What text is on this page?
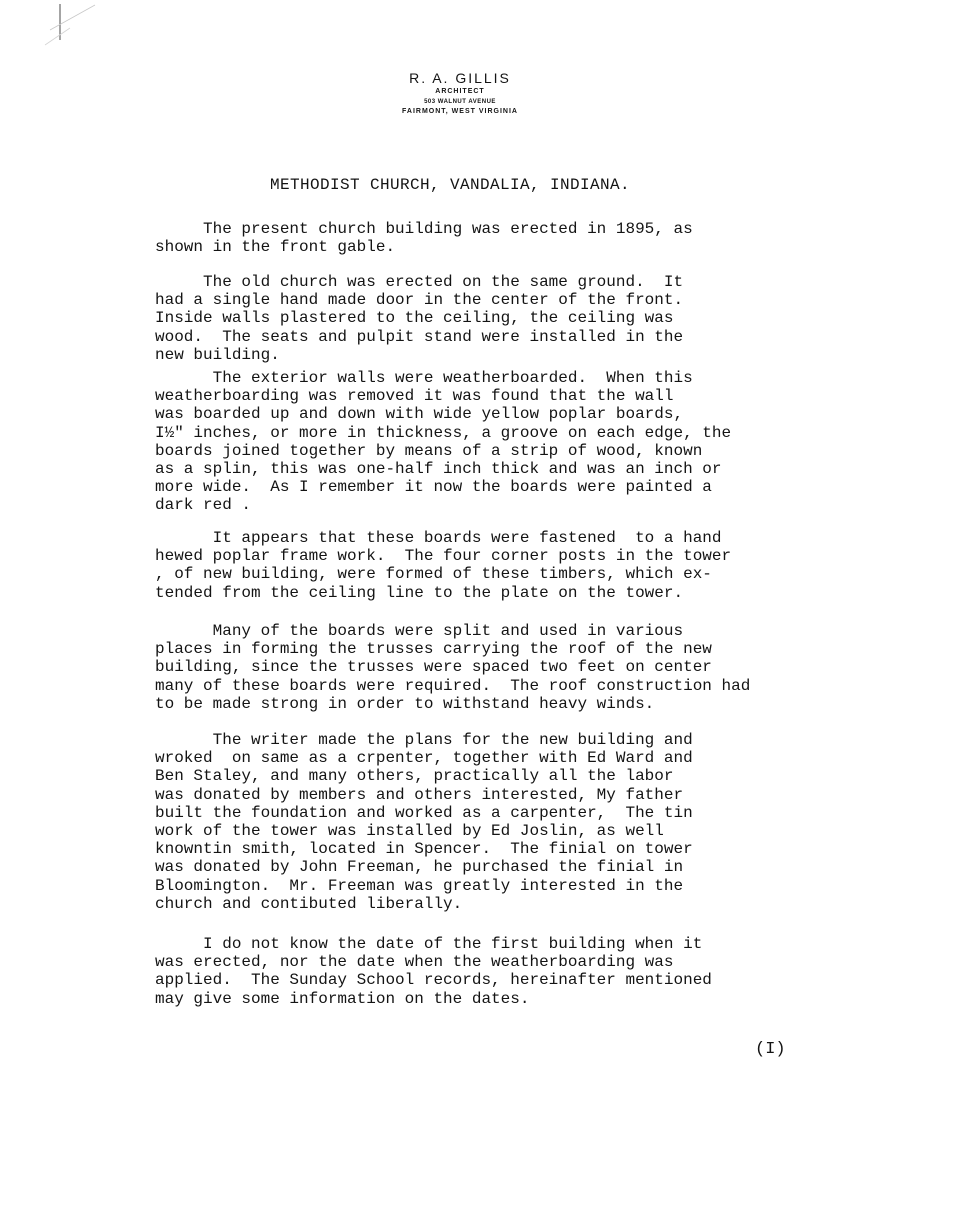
R. A. GILLIS
ARCHITECT
503 WALNUT AVENUE
FAIRMONT, WEST VIRGINIA
METHODIST CHURCH, VANDALIA, INDIANA.
The present church building was erected in 1895, as
shown in the front gable.
The old church was erected on the same ground.  It
had a single hand made door in the center of the front.
Inside walls plastered to the ceiling, the ceiling was
wood.  The seats and pulpit stand were installed in the
new building.
The exterior walls were weatherboarded.  When this
weatherboarding was removed it was found that the wall
was boarded up and down with wide yellow poplar boards,
I½" inches, or more in thickness, a groove on each edge, the
boards joined together by means of a strip of wood, known
as a splin, this was one-half inch thick and was an inch or
more wide.  As I remember it now the boards were painted a
dark red .
It appears that these boards were fastened  to a hand
hewed poplar frame work.  The four corner posts in the tower
, of new building, were formed of these timbers, which ex-
tended from the ceiling line to the plate on the tower.
Many of the boards were split and used in various
places in forming the trusses carrying the roof of the new
building, since the trusses were spaced two feet on center
many of these boards were required.  The roof construction had
to be made strong in order to withstand heavy winds.
The writer made the plans for the new building and
wroked  on same as a crpenter, together with Ed Ward and
Ben Staley, and many others, practically all the labor
was donated by members and others interested, My father
built the foundation and worked as a carpenter,  The tin
work of the tower was installed by Ed Joslin, as well
knowntin smith, located in Spencer.  The finial on tower
was donated by John Freeman, he purchased the finial in
Bloomington.  Mr. Freeman was greatly interested in the
church and contibuted liberally.
I do not know the date of the first building when it
was erected, nor the date when the weatherboarding was
applied.  The Sunday School records, hereinafter mentioned
may give some information on the dates.
(I)
